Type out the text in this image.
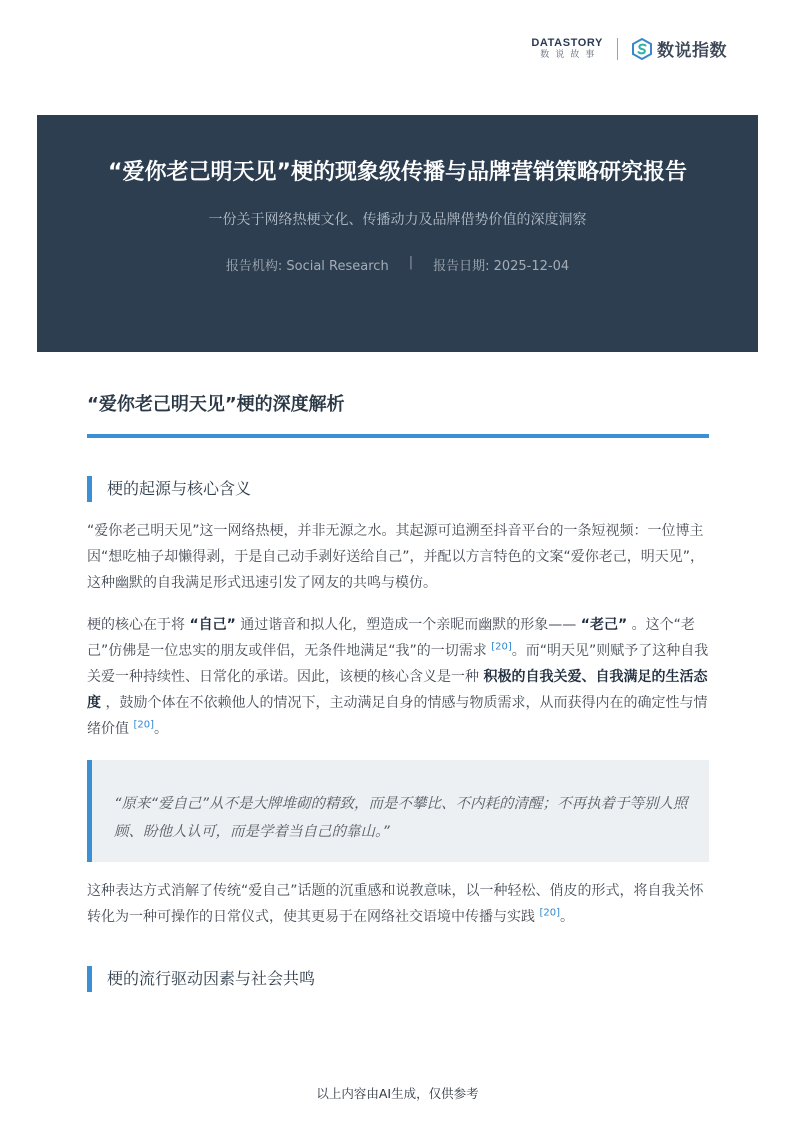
DATASTORY
数说故事	数说指数
“爱你老己明天见”梗的现象级传播与品牌营销策略研究报告
一份关于网络热梗文化、传播动力及品牌借势价值的深度洞察
报告机构: Social Research | 报告日期: 2025-12-04
“爱你老己明天见”梗的深度解析
梗的起源与核心含义

“爱你老己明天见”这一网络热梗，并非无源之水。其起源可追溯至抖音平台的一条短视频：一位博主因“想吃柚子却懒得剥，于是自己动手剥好送给自己”，并配以方言特色的文案“爱你老己，明天见”，这种幽默的自我满足形式迅速引发了网友的共鸣与模仿。

梗的核心在于将 “自己” 通过谐音和拟人化，塑造成一个亲昵而幽默的形象—— “老己” 。这个“老己”仿佛是一位忠实的朋友或伴侣，无条件地满足“我”的一切需求 [20]。而“明天见”则赋予了这种自我关爱一种持续性、日常化的承诺。因此，该梗的核心含义是一种 积极的自我关爱、自我满足的生活态度 ，鼓励个体在不依赖他人的情况下，主动满足自身的情感与物质需求，从而获得内在的确定性与情绪价值 [20]。

“原来“爱自己”从不是大牌堆砌的精致，而是不攀比、不内耗的清醒；不再执着于等别人照顾、盼他人认可，而是学着当自己的靠山。”

这种表达方式消解了传统“爱自己”话题的沉重感和说教意味，以一种轻松、俏皮的形式，将自我关怀转化为一种可操作的日常仪式，使其更易于在网络社交语境中传播与实践 [20]。

梗的流行驱动因素与社会共鸣
以上内容由AI生成，仅供参考
